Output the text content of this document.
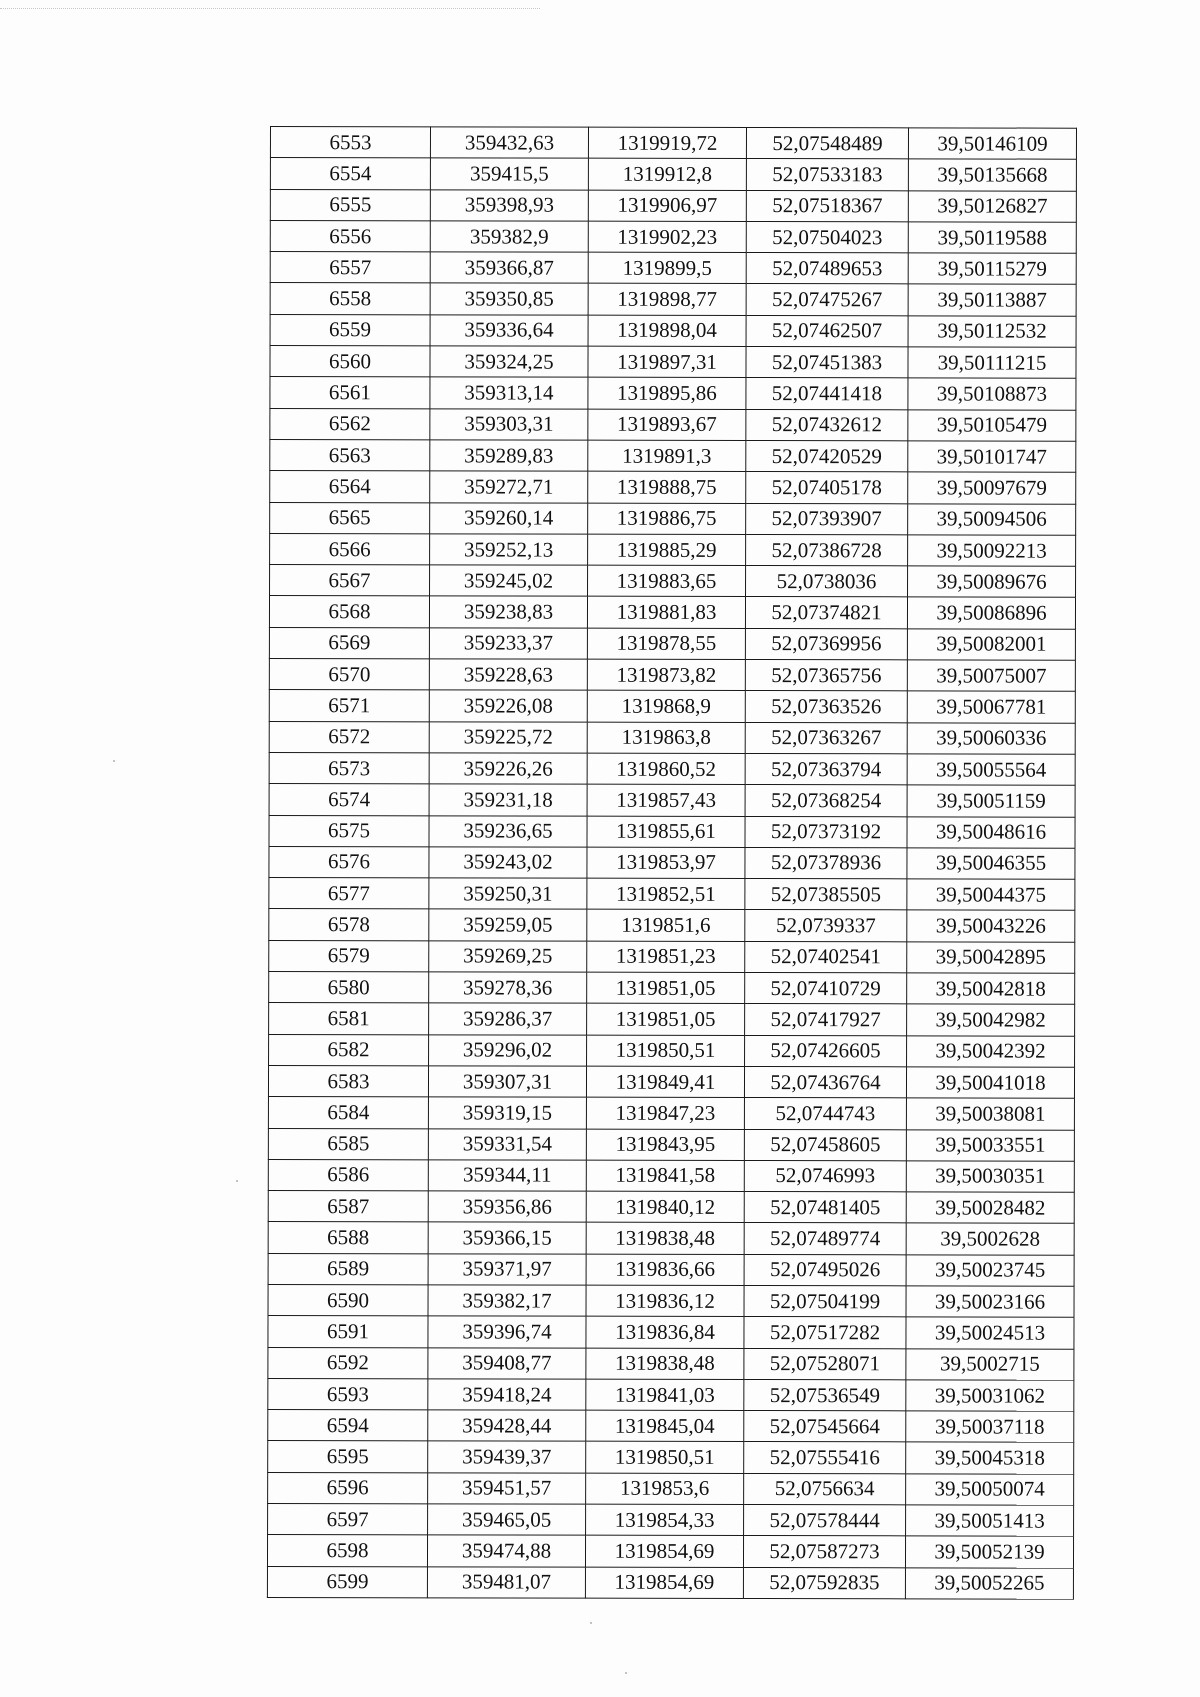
6553	359432,63	1319919,72	52,07548489	39,50146109
6554	359415,5	1319912,8	52,07533183	39,50135668
6555	359398,93	1319906,97	52,07518367	39,50126827
6556	359382,9	1319902,23	52,07504023	39,50119588
6557	359366,87	1319899,5	52,07489653	39,50115279
6558	359350,85	1319898,77	52,07475267	39,50113887
6559	359336,64	1319898,04	52,07462507	39,50112532
6560	359324,25	1319897,31	52,07451383	39,50111215
6561	359313,14	1319895,86	52,07441418	39,50108873
6562	359303,31	1319893,67	52,07432612	39,50105479
6563	359289,83	1319891,3	52,07420529	39,50101747
6564	359272,71	1319888,75	52,07405178	39,50097679
6565	359260,14	1319886,75	52,07393907	39,50094506
6566	359252,13	1319885,29	52,07386728	39,50092213
6567	359245,02	1319883,65	52,0738036	39,50089676
6568	359238,83	1319881,83	52,07374821	39,50086896
6569	359233,37	1319878,55	52,07369956	39,50082001
6570	359228,63	1319873,82	52,07365756	39,50075007
6571	359226,08	1319868,9	52,07363526	39,50067781
6572	359225,72	1319863,8	52,07363267	39,50060336
6573	359226,26	1319860,52	52,07363794	39,50055564
6574	359231,18	1319857,43	52,07368254	39,50051159
6575	359236,65	1319855,61	52,07373192	39,50048616
6576	359243,02	1319853,97	52,07378936	39,50046355
6577	359250,31	1319852,51	52,07385505	39,50044375
6578	359259,05	1319851,6	52,0739337	39,50043226
6579	359269,25	1319851,23	52,07402541	39,50042895
6580	359278,36	1319851,05	52,07410729	39,50042818
6581	359286,37	1319851,05	52,07417927	39,50042982
6582	359296,02	1319850,51	52,07426605	39,50042392
6583	359307,31	1319849,41	52,07436764	39,50041018
6584	359319,15	1319847,23	52,0744743	39,50038081
6585	359331,54	1319843,95	52,07458605	39,50033551
6586	359344,11	1319841,58	52,0746993	39,50030351
6587	359356,86	1319840,12	52,07481405	39,50028482
6588	359366,15	1319838,48	52,07489774	39,5002628
6589	359371,97	1319836,66	52,07495026	39,50023745
6590	359382,17	1319836,12	52,07504199	39,50023166
6591	359396,74	1319836,84	52,07517282	39,50024513
6592	359408,77	1319838,48	52,07528071	39,5002715
6593	359418,24	1319841,03	52,07536549	39,50031062
6594	359428,44	1319845,04	52,07545664	39,50037118
6595	359439,37	1319850,51	52,07555416	39,50045318
6596	359451,57	1319853,6	52,0756634	39,50050074
6597	359465,05	1319854,33	52,07578444	39,50051413
6598	359474,88	1319854,69	52,07587273	39,50052139
6599	359481,07	1319854,69	52,07592835	39,50052265
